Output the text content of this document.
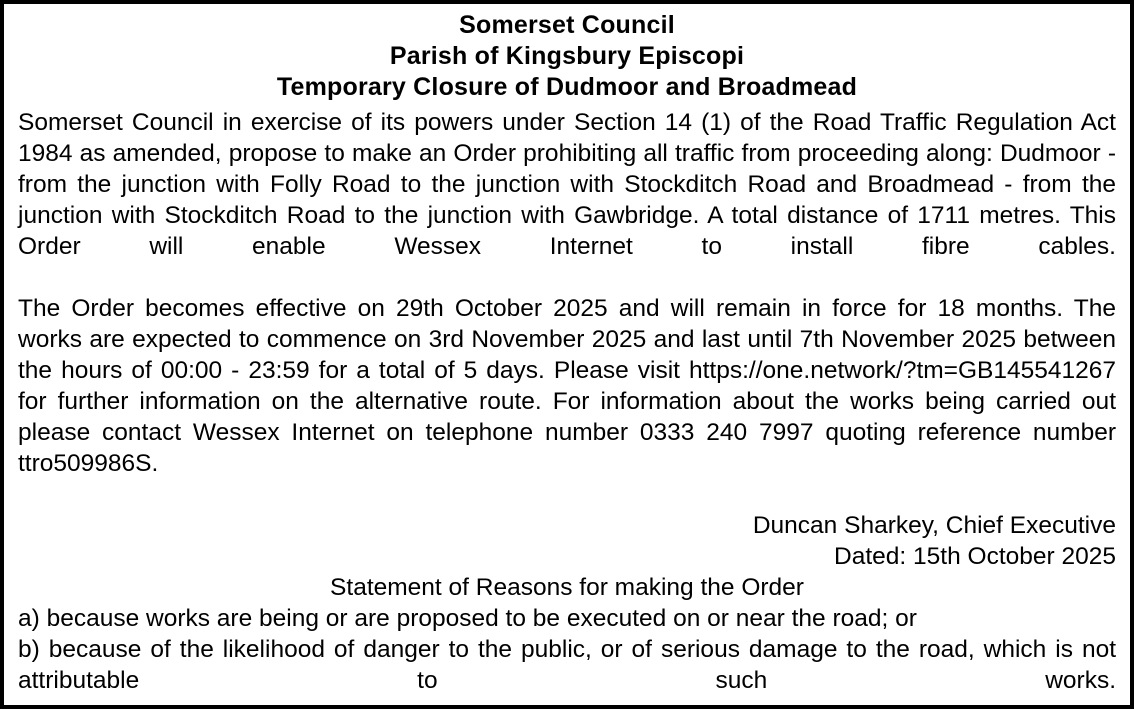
Somerset Council
Parish of Kingsbury Episcopi
Temporary Closure of Dudmoor and Broadmead

Somerset Council in exercise of its powers under Section 14 (1) of the Road Traffic Regulation Act 1984 as amended, propose to make an Order prohibiting all traffic from proceeding along: Dudmoor - from the junction with Folly Road to the junction with Stockditch Road and Broadmead - from the junction with Stockditch Road to the junction with Gawbridge. A total distance of 1711 metres. This Order will enable Wessex Internet to install fibre cables.

The Order becomes effective on 29th October 2025 and will remain in force for 18 months. The works are expected to commence on 3rd November 2025 and last until 7th November 2025 between the hours of 00:00 - 23:59 for a total of 5 days. Please visit https://one.network/?tm=GB145541267 for further information on the alternative route. For information about the works being carried out please contact Wessex Internet on telephone number 0333 240 7997 quoting reference number ttro509986S.

Duncan Sharkey, Chief Executive
Dated: 15th October 2025
Statement of Reasons for making the Order
a) because works are being or are proposed to be executed on or near the road; or
b) because of the likelihood of danger to the public, or of serious damage to the road, which is not attributable to such works.
